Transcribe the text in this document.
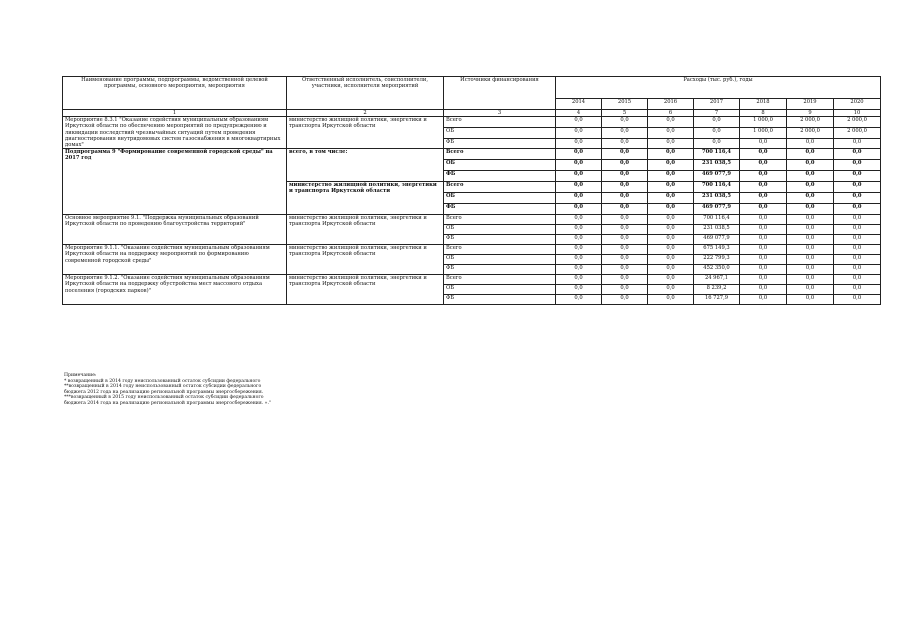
Наименование программы, подпрограммы, ведомственной целевой программы, основного мероприятия, мероприятия	Ответственный исполнитель, соисполнители, участники, исполнители мероприятий	Источники финансирования	Расходы (тыс. руб.), годы						
			2014	2015	2016	2017	2018	2019	2020
1	2	3	4	5	6	7	8	9	10
Мероприятие 8.3.1 "Оказание содействия муниципальным образованиям Иркутской области по обеспечению мероприятий по предупреждению и ликвидации последствий чрезвычайных ситуаций путем проведения диагностирования внутридомовых систем газоснабжения в многоквартирных домах"	министерство жилищной политики, энергетики и транспорта Иркутской области	Всего	0,0	0,0	0,0	0,0	1 000,0	2 000,0	2 000,0
		ОБ	0,0	0,0	0,0	0,0	1 000,0	2 000,0	2 000,0
		ФБ	0,0	0,0	0,0	0,0	0,0	0,0	0,0
Подпрограмма 9 "Формирование современной городской среды" на 2017 год	всего, в том числе:	Всего	0,0	0,0	0,0	700 116,4	0,0	0,0	0,0
		ОБ	0,0	0,0	0,0	231 038,5	0,0	0,0	0,0
		ФБ	0,0	0,0	0,0	469 077,9	0,0	0,0	0,0
	министерство жилищной политики, энергетики и транспорта Иркутской области	Всего	0,0	0,0	0,0	700 116,4	0,0	0,0	0,0
		ОБ	0,0	0,0	0,0	231 038,5	0,0	0,0	0,0
		ФБ	0,0	0,0	0,0	469 077,9	0,0	0,0	0,0
Основное мероприятие 9.1. "Поддержка муниципальных образований Иркутской области по проведению благоустройства территорий"	министерство жилищной политики, энергетики и транспорта Иркутской области	Всего	0,0	0,0	0,0	700 116,4	0,0	0,0	0,0
		ОБ	0,0	0,0	0,0	231 038,5	0,0	0,0	0,0
		ФБ	0,0	0,0	0,0	469 077,9	0,0	0,0	0,0
Мероприятие 9.1.1. "Оказание содействия муниципальным образованиям Иркутской области на поддержку мероприятий по формированию современной городской среды"	министерство жилищной политики, энергетики и транспорта Иркутской области	Всего	0,0	0,0	0,0	675 149,3	0,0	0,0	0,0
		ОБ	0,0	0,0	0,0	222 799,3	0,0	0,0	0,0
		ФБ	0,0	0,0	0,0	452 350,0	0,0	0,0	0,0
Мероприятие 9.1.2. "Оказание содействия муниципальным образованиям Иркутской области на поддержку обустройства мест массового отдыха поселения (городских парков)"	министерство жилищной политики, энергетики и транспорта Иркутской области	Всего	0,0	0,0	0,0	24 967,1	0,0	0,0	0,0
		ОБ	0,0	0,0	0,0	8 239,2	0,0	0,0	0,0
		ФБ	0,0	0,0	0,0	16 727,9	0,0	0,0	0,0
Примечание:
* возвращенный в 2014 году неиспользованный остаток субсидии федерального
**возвращенный в 2014 году неиспользованный остаток субсидии федерального
бюджета 2012 года на реализацию региональной программы энергосбережения.
***возвращенный в 2015 году неиспользованный остаток субсидии федерального
бюджета 2014 года на реализацию региональной программы энергосбережения. »."
